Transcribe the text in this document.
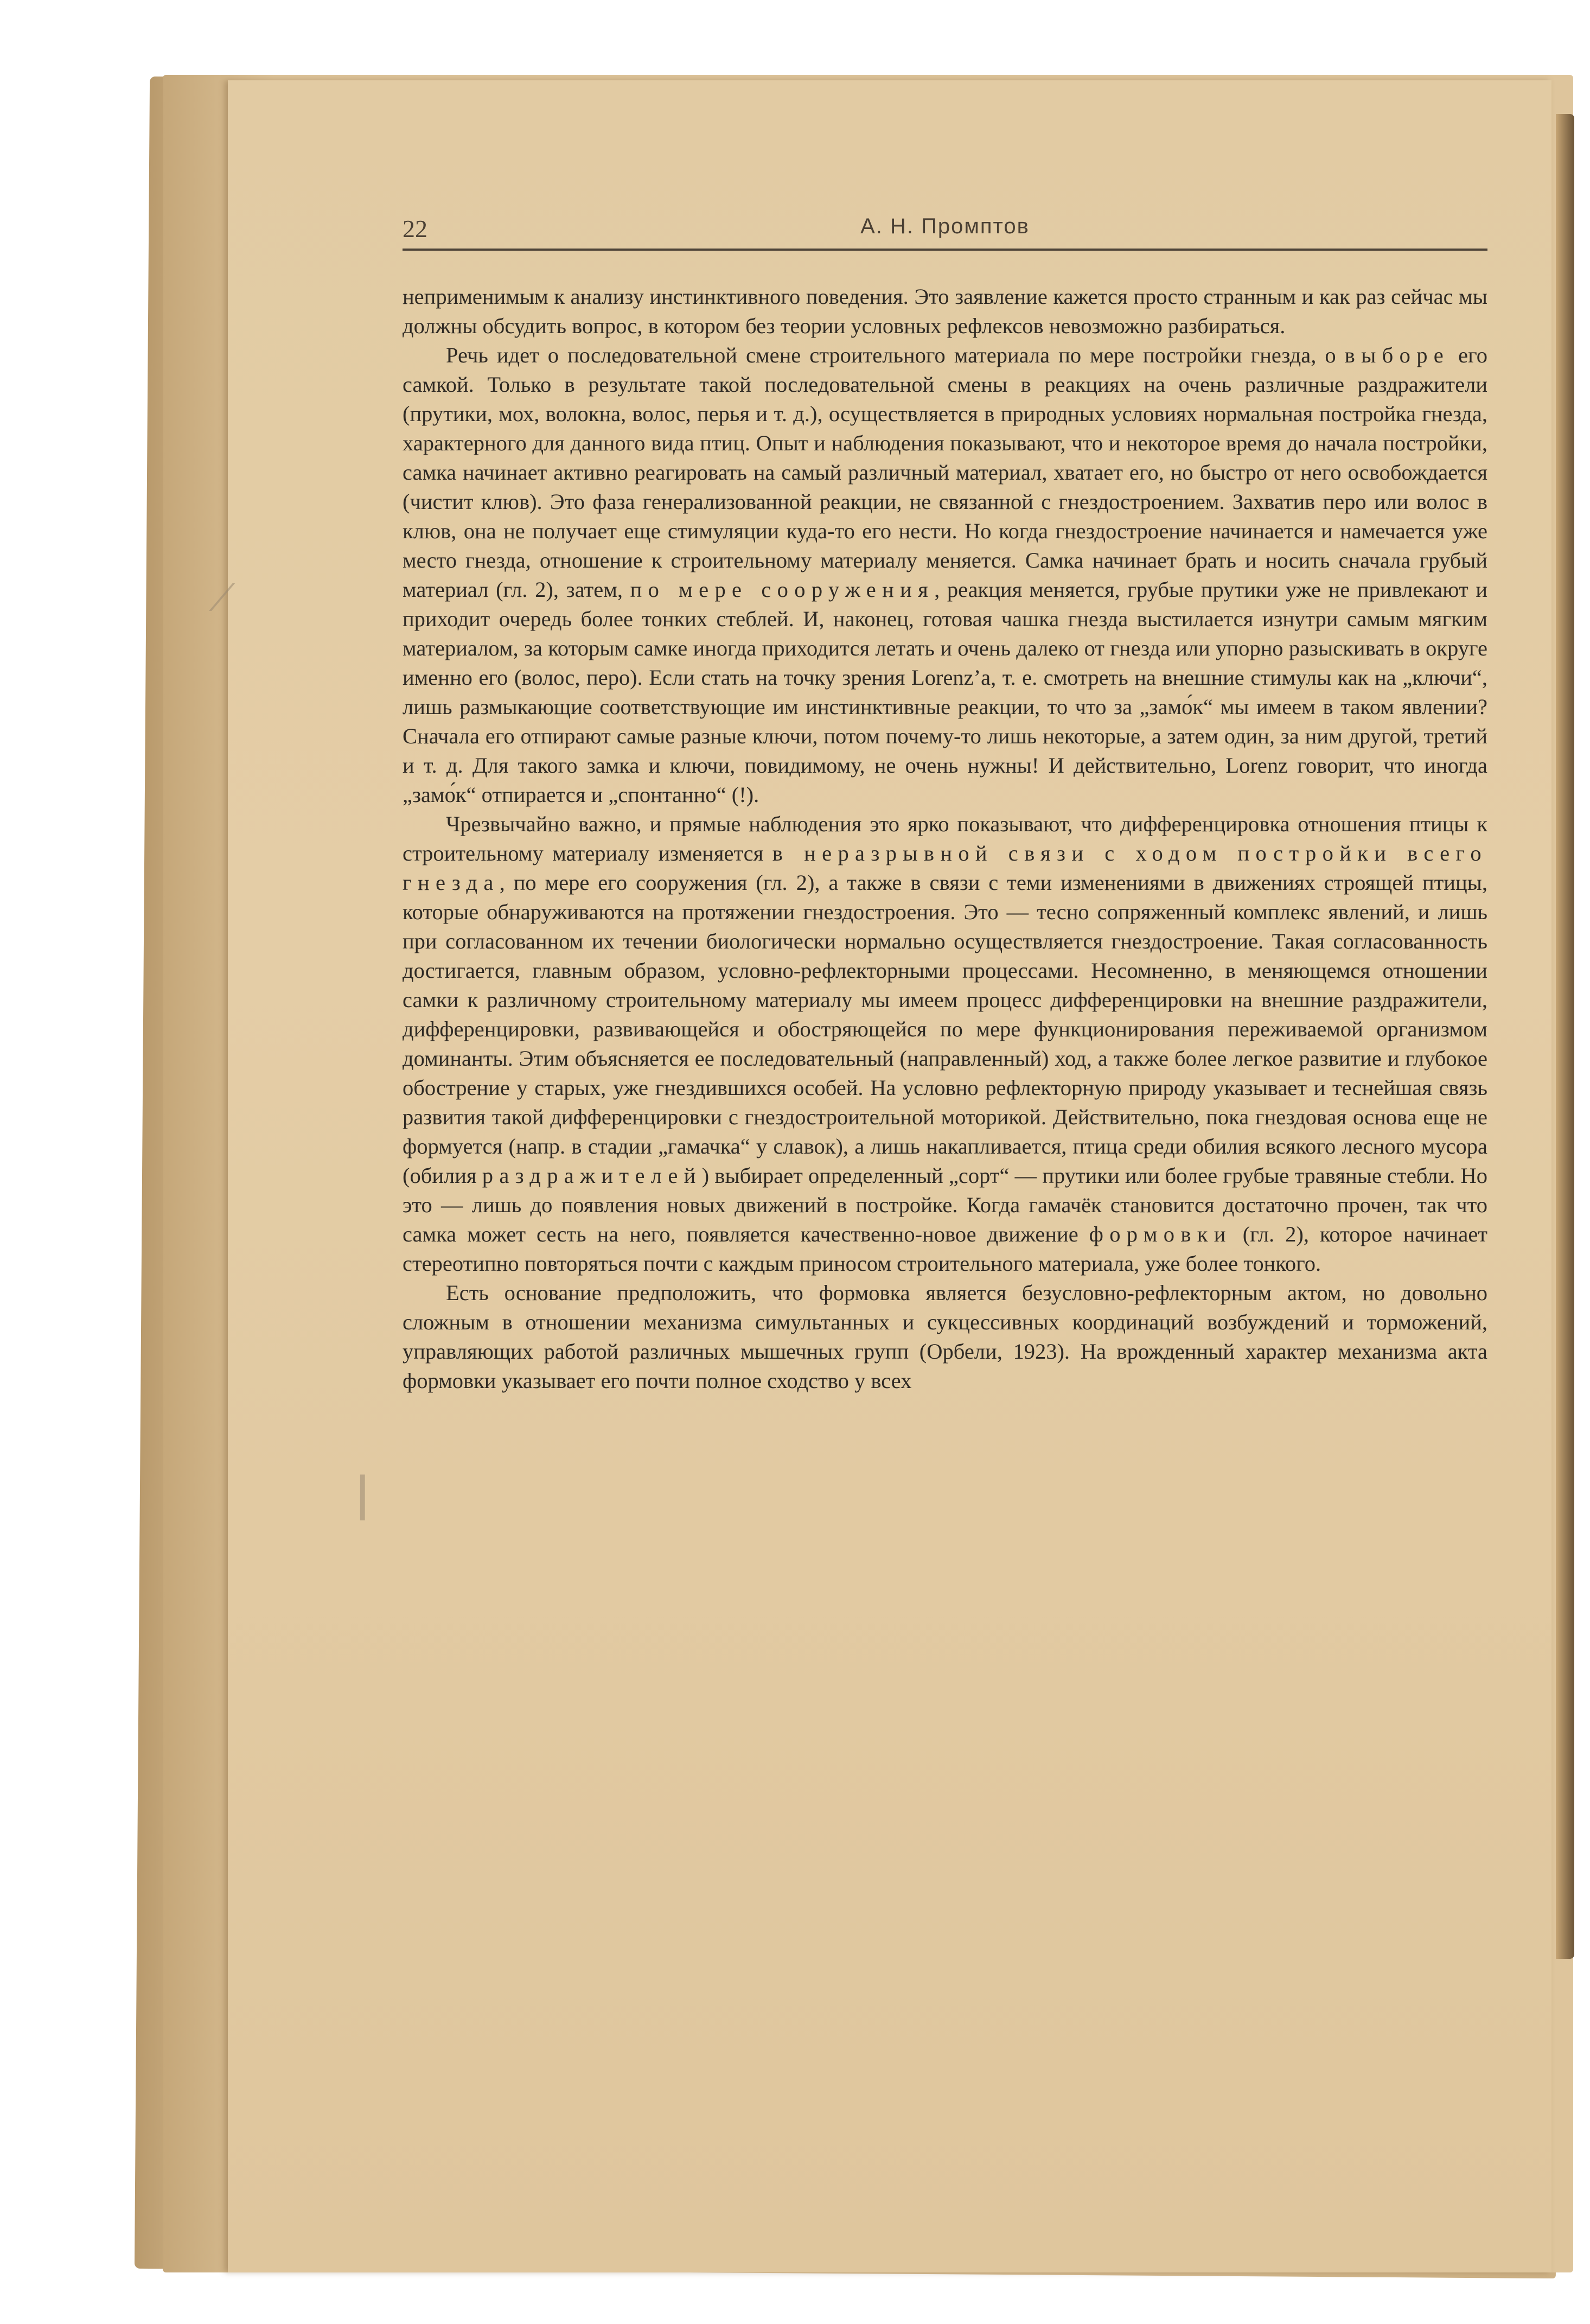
⟋
ǀ
22	А. Н. Промптов

неприменимым к анализу инстинктивного поведения. Это заявление кажется просто странным и как раз сейчас мы должны обсудить вопрос, в котором без теории условных рефлексов невозможно разбираться.

Речь идет о последовательной смене строительного материала по мере постройки гнезда, о выборе его самкой. Только в результате такой последовательной смены в реакциях на очень различные раздражители (прутики, мох, волокна, волос, перья и т. д.), осуществляется в природных условиях нормальная постройка гнезда, характерного для данного вида птиц. Опыт и наблюдения показывают, что и некоторое время до начала постройки, самка начинает активно реагировать на самый различный материал, хватает его, но быстро от него освобождается (чистит клюв). Это фаза генерализованной реакции, не связанной с гнездостроением. Захватив перо или волос в клюв, она не получает еще стимуляции куда-то его нести. Но когда гнездостроение начинается и намечается уже место гнезда, отношение к строительному материалу меняется. Самка начинает брать и носить сначала грубый материал (гл. 2), затем, по мере сооружения, реакция меняется, грубые прутики уже не привлекают и приходит очередь более тонких стеблей. И, наконец, готовая чашка гнезда выстилается изнутри самым мягким материалом, за которым самке иногда приходится летать и очень далеко от гнезда или упорно разыскивать в округе именно его (волос, перо). Если стать на точку зрения Lorenz’а, т. е. смотреть на внешние стимулы как на „ключи“, лишь размыкающие соответствующие им инстинктивные реакции, то что за „замо́к“ мы имеем в таком явлении? Сначала его отпирают самые разные ключи, потом почему-то лишь некоторые, а затем один, за ним другой, третий и т. д. Для такого замка и ключи, повидимому, не очень нужны! И действительно, Lorenz говорит, что иногда „замо́к“ отпирается и „спонтанно“ (!).

Чрезвычайно важно, и прямые наблюдения это ярко показывают, что дифференцировка отношения птицы к строительному материалу изменяется в неразрывной связи с ходом постройки всего гнезда, по мере его сооружения (гл. 2), а также в связи с теми изменениями в движениях строящей птицы, которые обнаруживаются на протяжении гнездостроения. Это — тесно сопряженный комплекс явлений, и лишь при согласованном их течении биологически нормально осуществляется гнездостроение. Такая согласованность достигается, главным образом, условно-рефлекторными процессами. Несомненно, в меняющемся отношении самки к различному строительному материалу мы имеем процесс дифференцировки на внешние раздражители, дифференцировки, развивающейся и обостряющейся по мере функционирования переживаемой организмом доминанты. Этим объясняется ее последовательный (направленный) ход, а также более легкое развитие и глубокое обострение у старых, уже гнездившихся особей. На условно рефлекторную природу указывает и теснейшая связь развития такой дифференцировки с гнездостроительной моторикой. Действительно, пока гнездовая основа еще не формуется (напр. в стадии „гамачка“ у славок), а лишь накапливается, птица среди обилия всякого лесного мусора (обилия раздражителей) выбирает определенный „сорт“ — прутики или более грубые травяные стебли. Но это — лишь до появления новых движений в постройке. Когда гамачёк становится достаточно прочен, так что самка может сесть на него, появляется качественно-новое движение формовки (гл. 2), которое начинает стереотипно повторяться почти с каждым приносом строительного материала, уже более тонкого.

Есть основание предположить, что формовка является безусловно-рефлекторным актом, но довольно сложным в отношении механизма симультанных и сукцессивных координаций возбуждений и торможений, управляющих работой различных мышечных групп (Орбели, 1923). На врожденный характер механизма акта формовки указывает его почти полное сходство у всех
